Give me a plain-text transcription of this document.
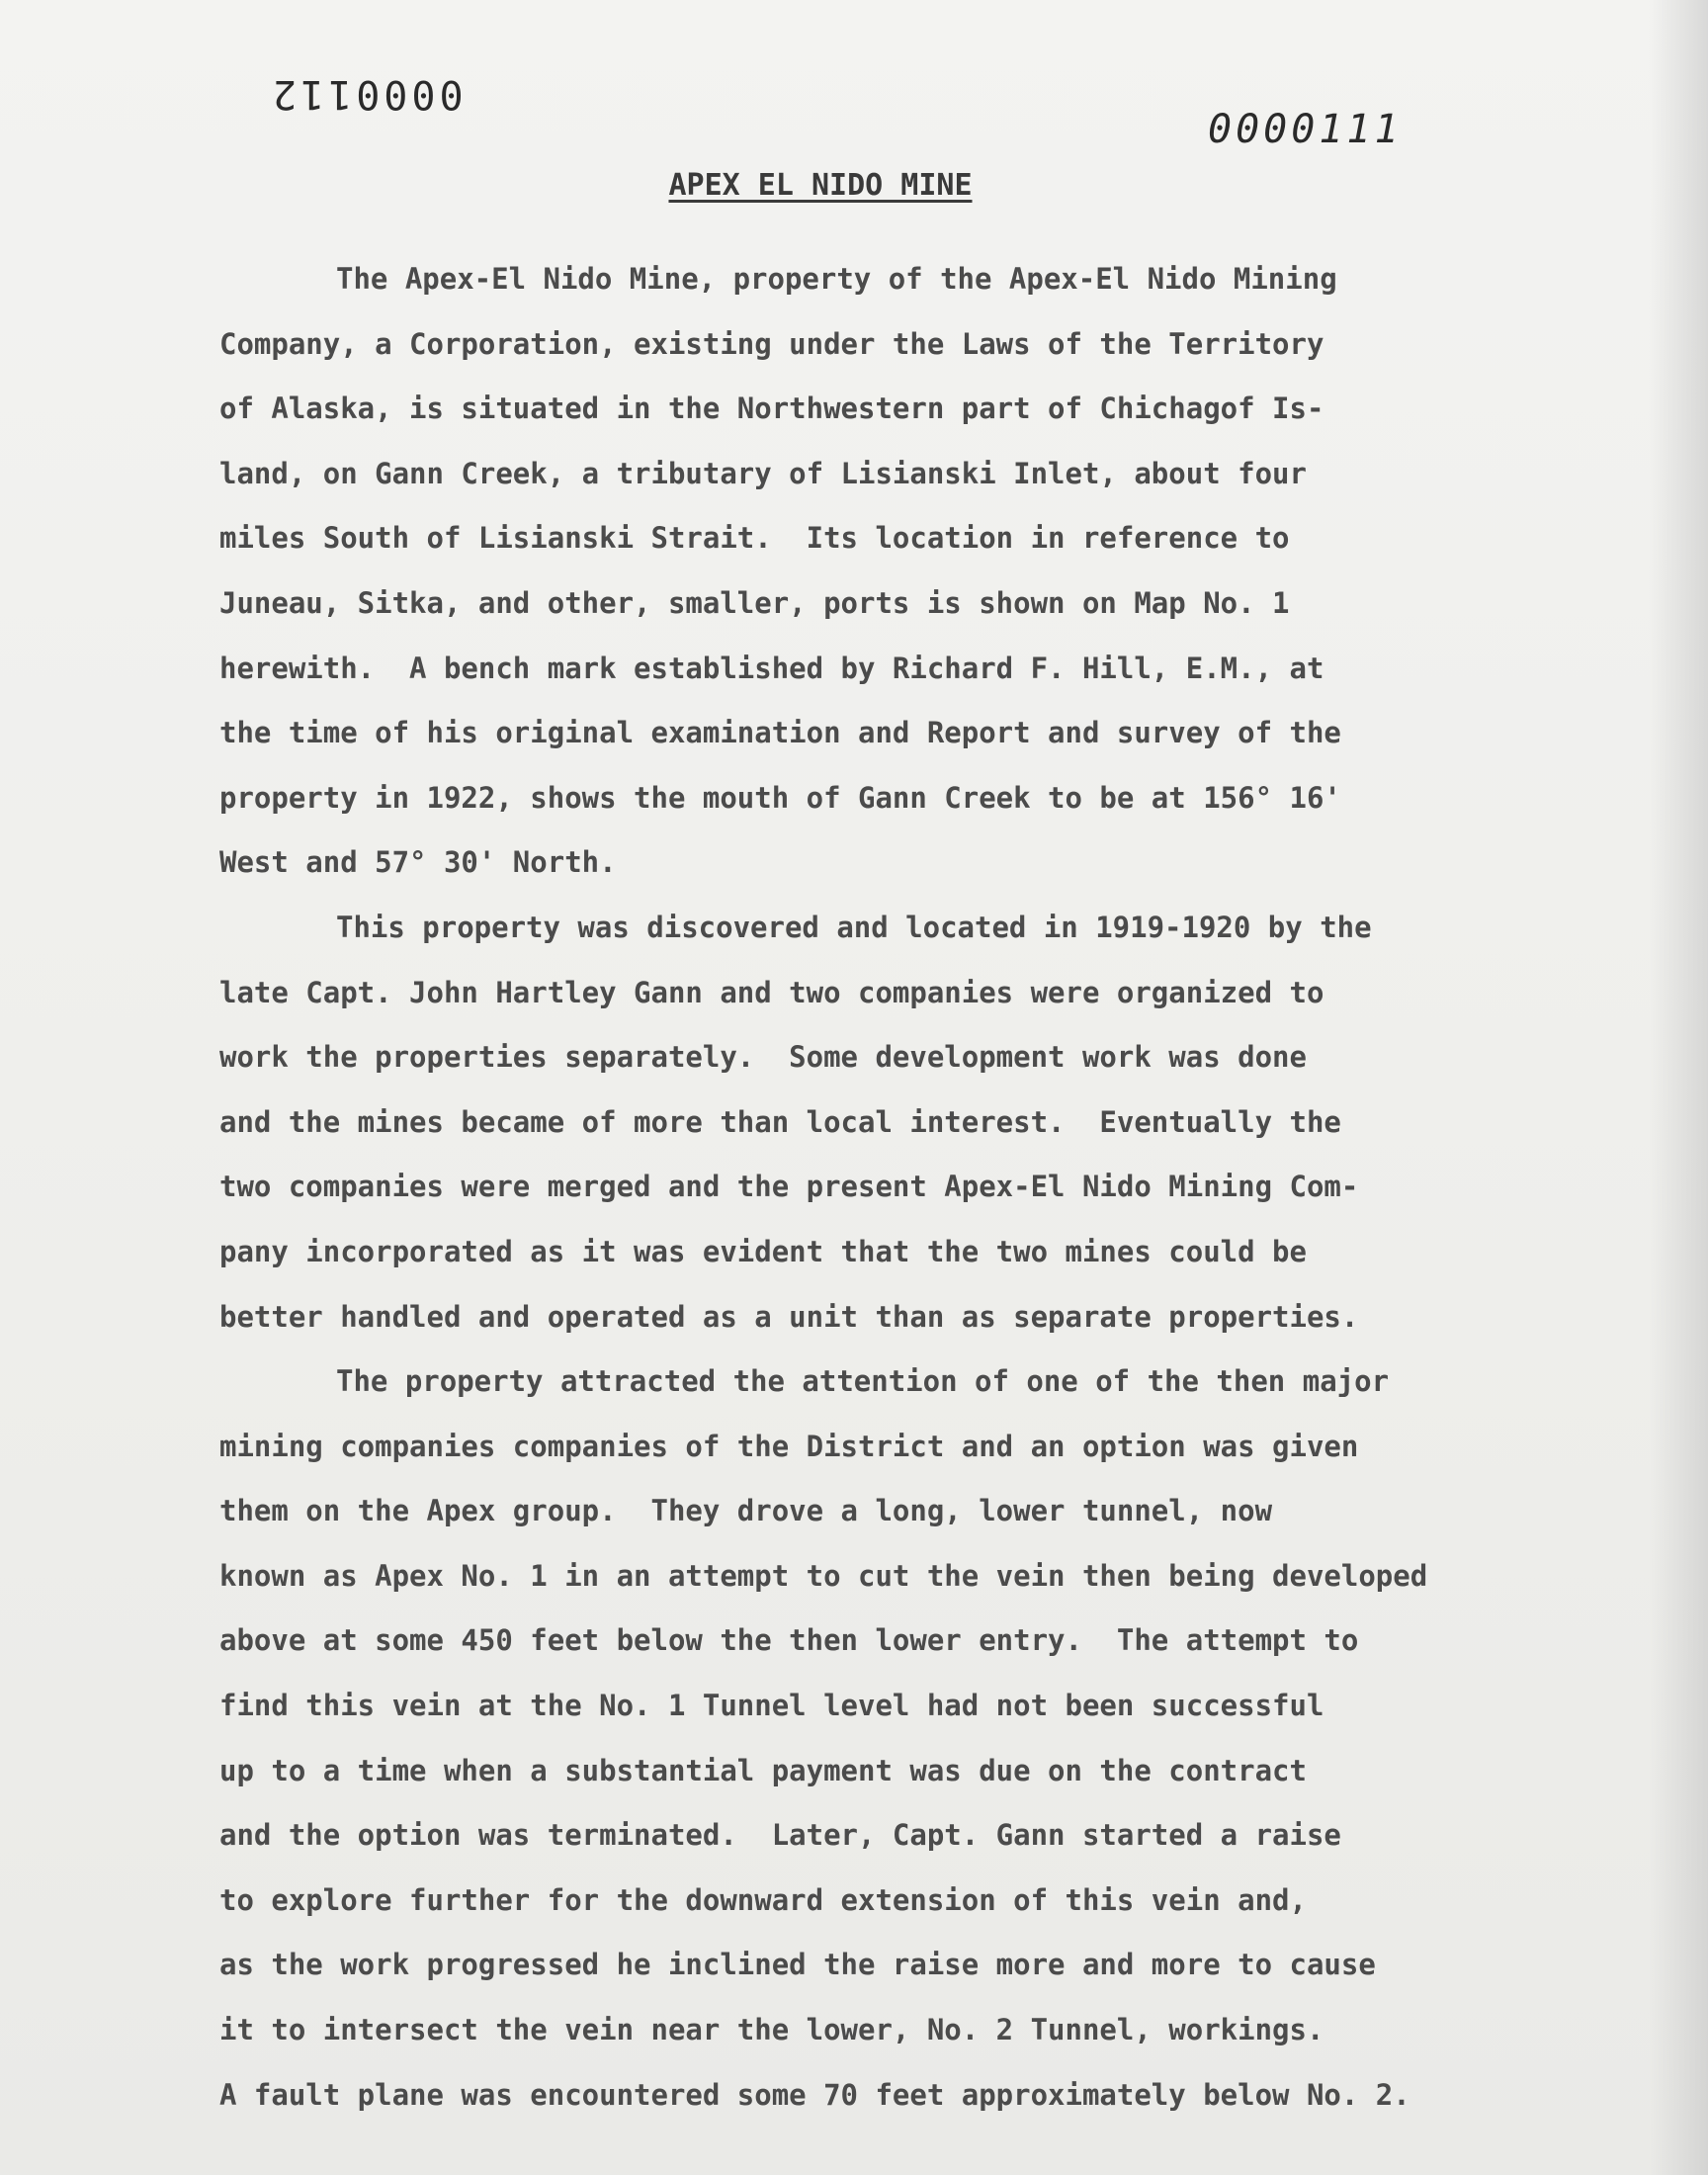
0000112
0000111
APEX EL NIDO MINE
The Apex-El Nido Mine, property of the Apex-El Nido Mining
Company, a Corporation, existing under the Laws of the Territory
of Alaska, is situated in the Northwestern part of Chichagof Is-
land, on Gann Creek, a tributary of Lisianski Inlet, about four
miles South of Lisianski Strait.  Its location in reference to
Juneau, Sitka, and other, smaller, ports is shown on Map No. 1
herewith.  A bench mark established by Richard F. Hill, E.M., at
the time of his original examination and Report and survey of the
property in 1922, shows the mouth of Gann Creek to be at 156° 16'
West and 57° 30' North.
This property was discovered and located in 1919-1920 by the
late Capt. John Hartley Gann and two companies were organized to
work the properties separately.  Some development work was done
and the mines became of more than local interest.  Eventually the
two companies were merged and the present Apex-El Nido Mining Com-
pany incorporated as it was evident that the two mines could be
better handled and operated as a unit than as separate properties.
The property attracted the attention of one of the then major
mining companies companies of the District and an option was given
them on the Apex group.  They drove a long, lower tunnel, now
known as Apex No. 1 in an attempt to cut the vein then being developed
above at some 450 feet below the then lower entry.  The attempt to
find this vein at the No. 1 Tunnel level had not been successful
up to a time when a substantial payment was due on the contract
and the option was terminated.  Later, Capt. Gann started a raise
to explore further for the downward extension of this vein and,
as the work progressed he inclined the raise more and more to cause
it to intersect the vein near the lower, No. 2 Tunnel, workings.
A fault plane was encountered some 70 feet approximately below No. 2.
